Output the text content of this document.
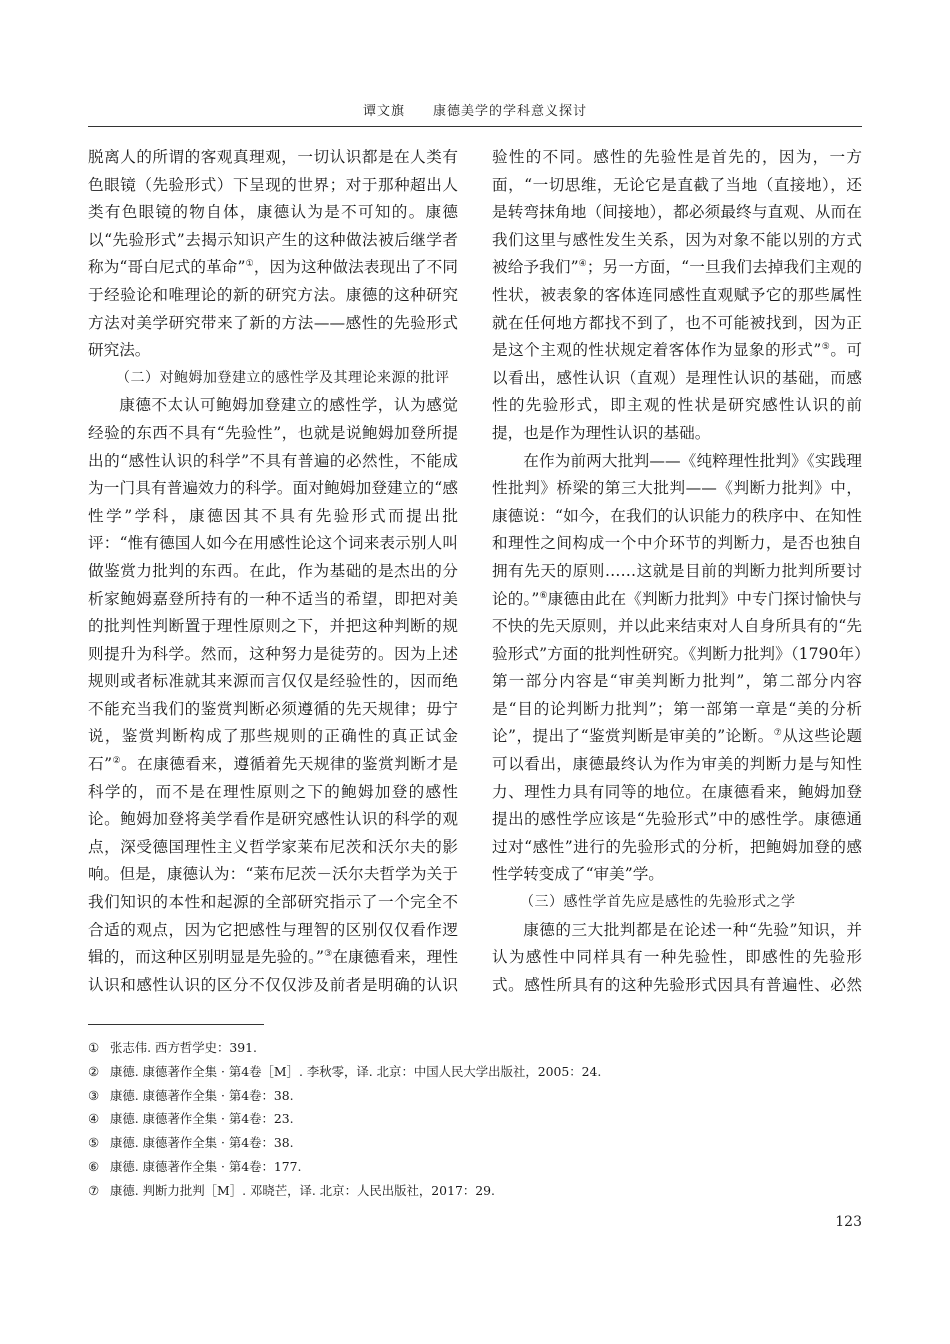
谭文旗 康德美学的学科意义探讨

脱离人的所谓的客观真理观，一切认识都是在人类有色眼镜（先验形式）下呈现的世界；对于那种超出人类有色眼镜的物自体，康德认为是不可知的。康德以“先验形式”去揭示知识产生的这种做法被后继学者称为“哥白尼式的革命”①，因为这种做法表现出了不同于经验论和唯理论的新的研究方法。康德的这种研究方法对美学研究带来了新的方法——感性的先验形式研究法。

（二）对鲍姆加登建立的感性学及其理论来源的批评

康德不太认可鲍姆加登建立的感性学，认为感觉经验的东西不具有“先验性”，也就是说鲍姆加登所提出的“感性认识的科学”不具有普遍的必然性，不能成为一门具有普遍效力的科学。面对鲍姆加登建立的“感性学”学科，康德因其不具有先验形式而提出批评：“惟有德国人如今在用感性论这个词来表示别人叫做鉴赏力批判的东西。在此，作为基础的是杰出的分析家鲍姆嘉登所持有的一种不适当的希望，即把对美的批判性判断置于理性原则之下，并把这种判断的规则提升为科学。然而，这种努力是徒劳的。因为上述规则或者标准就其来源而言仅仅是经验性的，因而绝不能充当我们的鉴赏判断必须遵循的先天规律；毋宁说，鉴赏判断构成了那些规则的正确性的真正试金石”②。在康德看来，遵循着先天规律的鉴赏判断才是科学的，而不是在理性原则之下的鲍姆加登的感性论。鲍姆加登将美学看作是研究感性认识的科学的观点，深受德国理性主义哲学家莱布尼茨和沃尔夫的影响。但是，康德认为：“莱布尼茨－沃尔夫哲学为关于我们知识的本性和起源的全部研究指示了一个完全不合适的观点，因为它把感性与理智的区别仅仅看作逻辑的，而这种区别明显是先验的。”③在康德看来，理性认识和感性认识的区分不仅仅涉及前者是明确的认识

验性的不同。感性的先验性是首先的，因为，一方面，“一切思维，无论它是直截了当地（直接地），还是转弯抹角地（间接地），都必须最终与直观、从而在我们这里与感性发生关系，因为对象不能以别的方式被给予我们”④；另一方面，“一旦我们去掉我们主观的性状，被表象的客体连同感性直观赋予它的那些属性就在任何地方都找不到了，也不可能被找到，因为正是这个主观的性状规定着客体作为显象的形式”⑤。可以看出，感性认识（直观）是理性认识的基础，而感性的先验形式，即主观的性状是研究感性认识的前提，也是作为理性认识的基础。

在作为前两大批判——《纯粹理性批判》《实践理性批判》桥梁的第三大批判——《判断力批判》中，康德说：“如今，在我们的认识能力的秩序中、在知性和理性之间构成一个中介环节的判断力，是否也独自拥有先天的原则……这就是目前的判断力批判所要讨论的。”⑥康德由此在《判断力批判》中专门探讨愉快与不快的先天原则，并以此来结束对人自身所具有的“先验形式”方面的批判性研究。《判断力批判》（1790年）第一部分内容是“审美判断力批判”，第二部分内容是“目的论判断力批判”；第一部第一章是“美的分析论”，提出了“鉴赏判断是审美的”论断。⑦从这些论题可以看出，康德最终认为作为审美的判断力是与知性力、理性力具有同等的地位。在康德看来，鲍姆加登提出的感性学应该是“先验形式”中的感性学。康德通过对“感性”进行的先验形式的分析，把鲍姆加登的感性学转变成了“审美”学。

（三）感性学首先应是感性的先验形式之学

康德的三大批判都是在论述一种“先验”知识，并认为感性中同样具有一种先验性，即感性的先验形式。感性所具有的这种先验形式因具有普遍性、必然

① 张志伟. 西方哲学史：391.
② 康德. 康德著作全集 · 第4卷［M］. 李秋零，译. 北京：中国人民大学出版社，2005：24.
③ 康德. 康德著作全集 · 第4卷：38.
④ 康德. 康德著作全集 · 第4卷：23.
⑤ 康德. 康德著作全集 · 第4卷：38.
⑥ 康德. 康德著作全集 · 第4卷：177.
⑦ 康德. 判断力批判［M］. 邓晓芒，译. 北京：人民出版社，2017：29.
123
